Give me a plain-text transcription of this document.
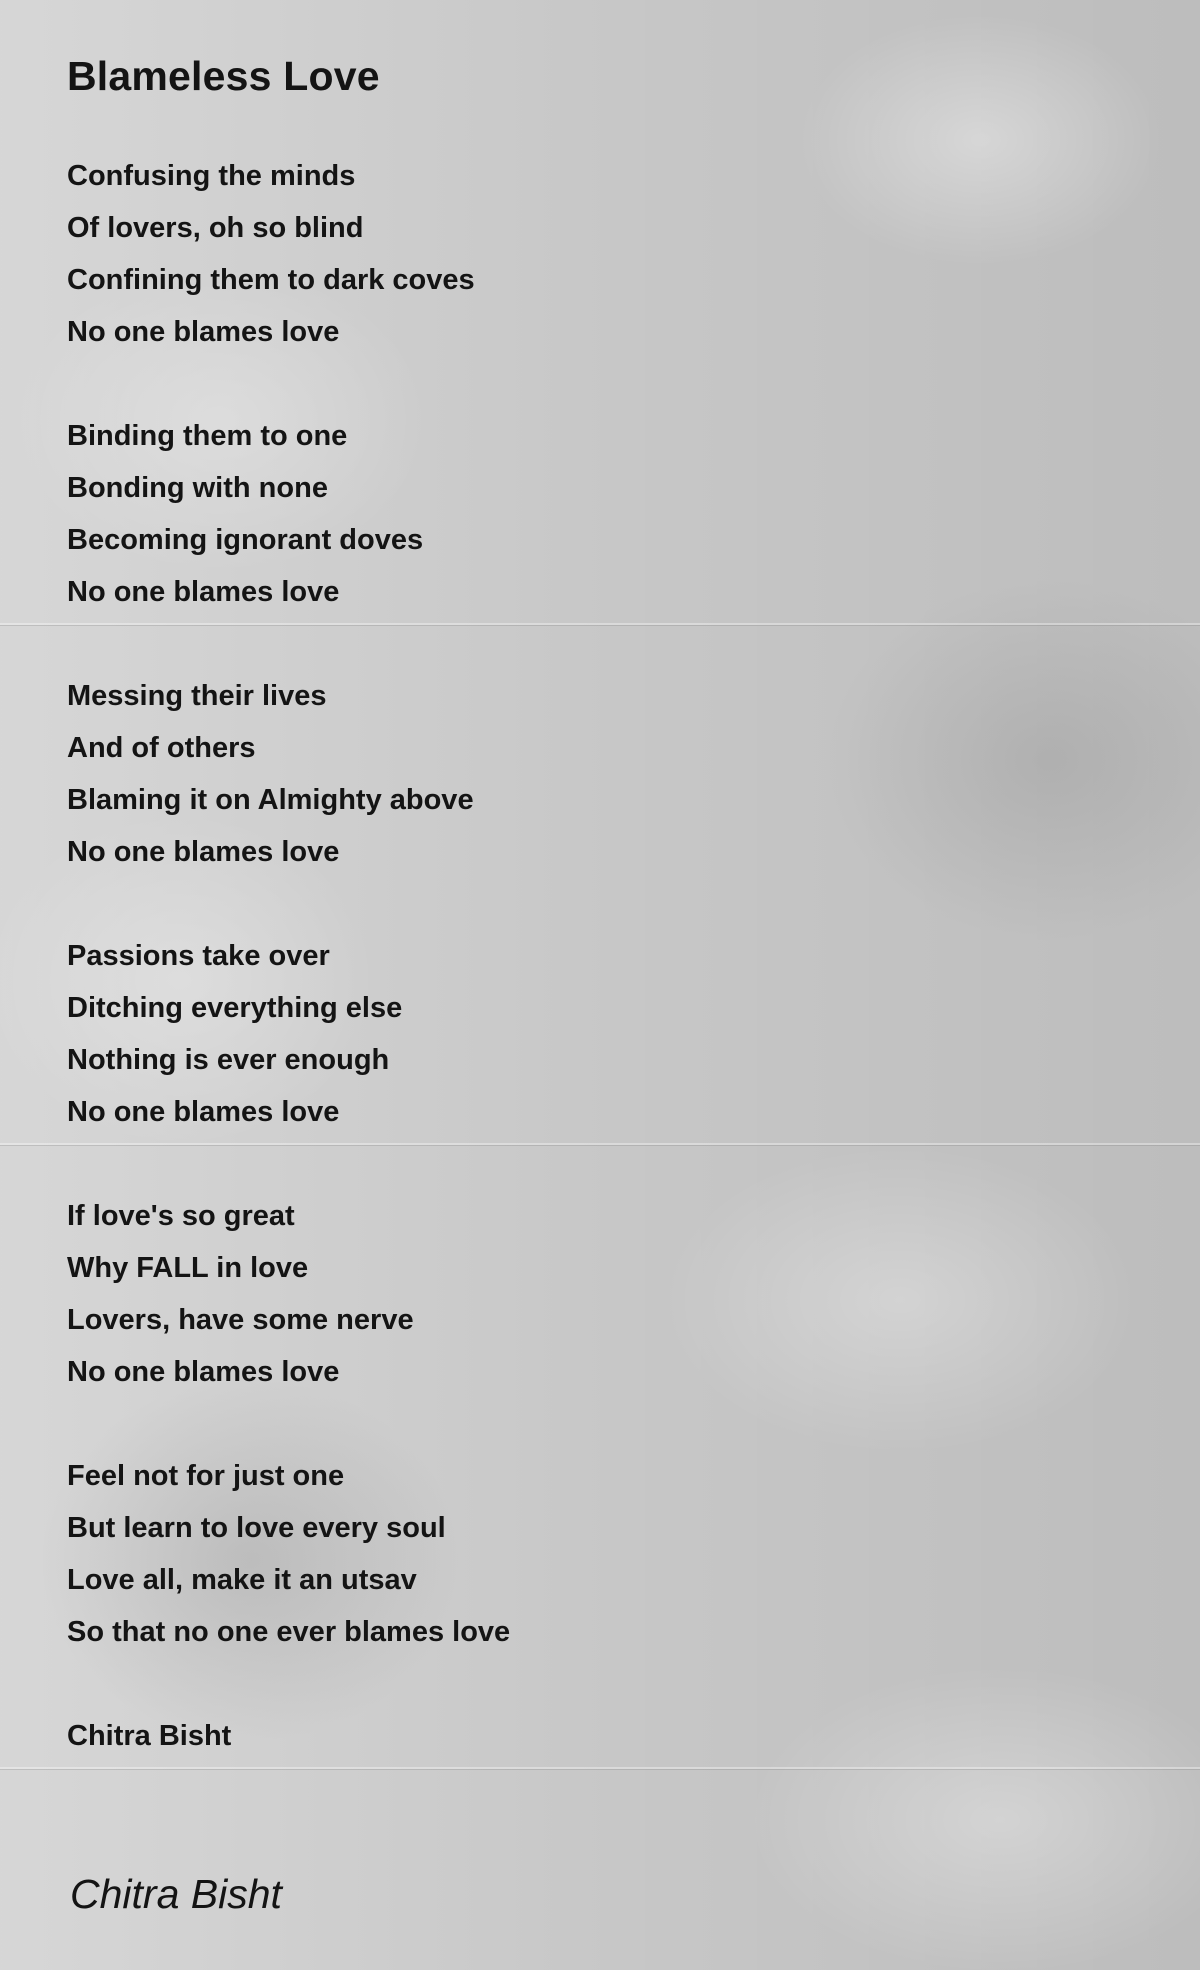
Blameless Love
Confusing the minds
Of lovers, oh so blind
Confining them to dark coves
No one blames love
Binding them to one
Bonding with none
Becoming ignorant doves
No one blames love
Messing their lives
And of others
Blaming it on Almighty above
No one blames love
Passions take over
Ditching everything else
Nothing is ever enough
No one blames love
If love's so great
Why FALL in love
Lovers, have some nerve
No one blames love
Feel not for just one
But learn to love every soul
Love all, make it an utsav
So that no one ever blames love
Chitra Bisht
Chitra Bisht
